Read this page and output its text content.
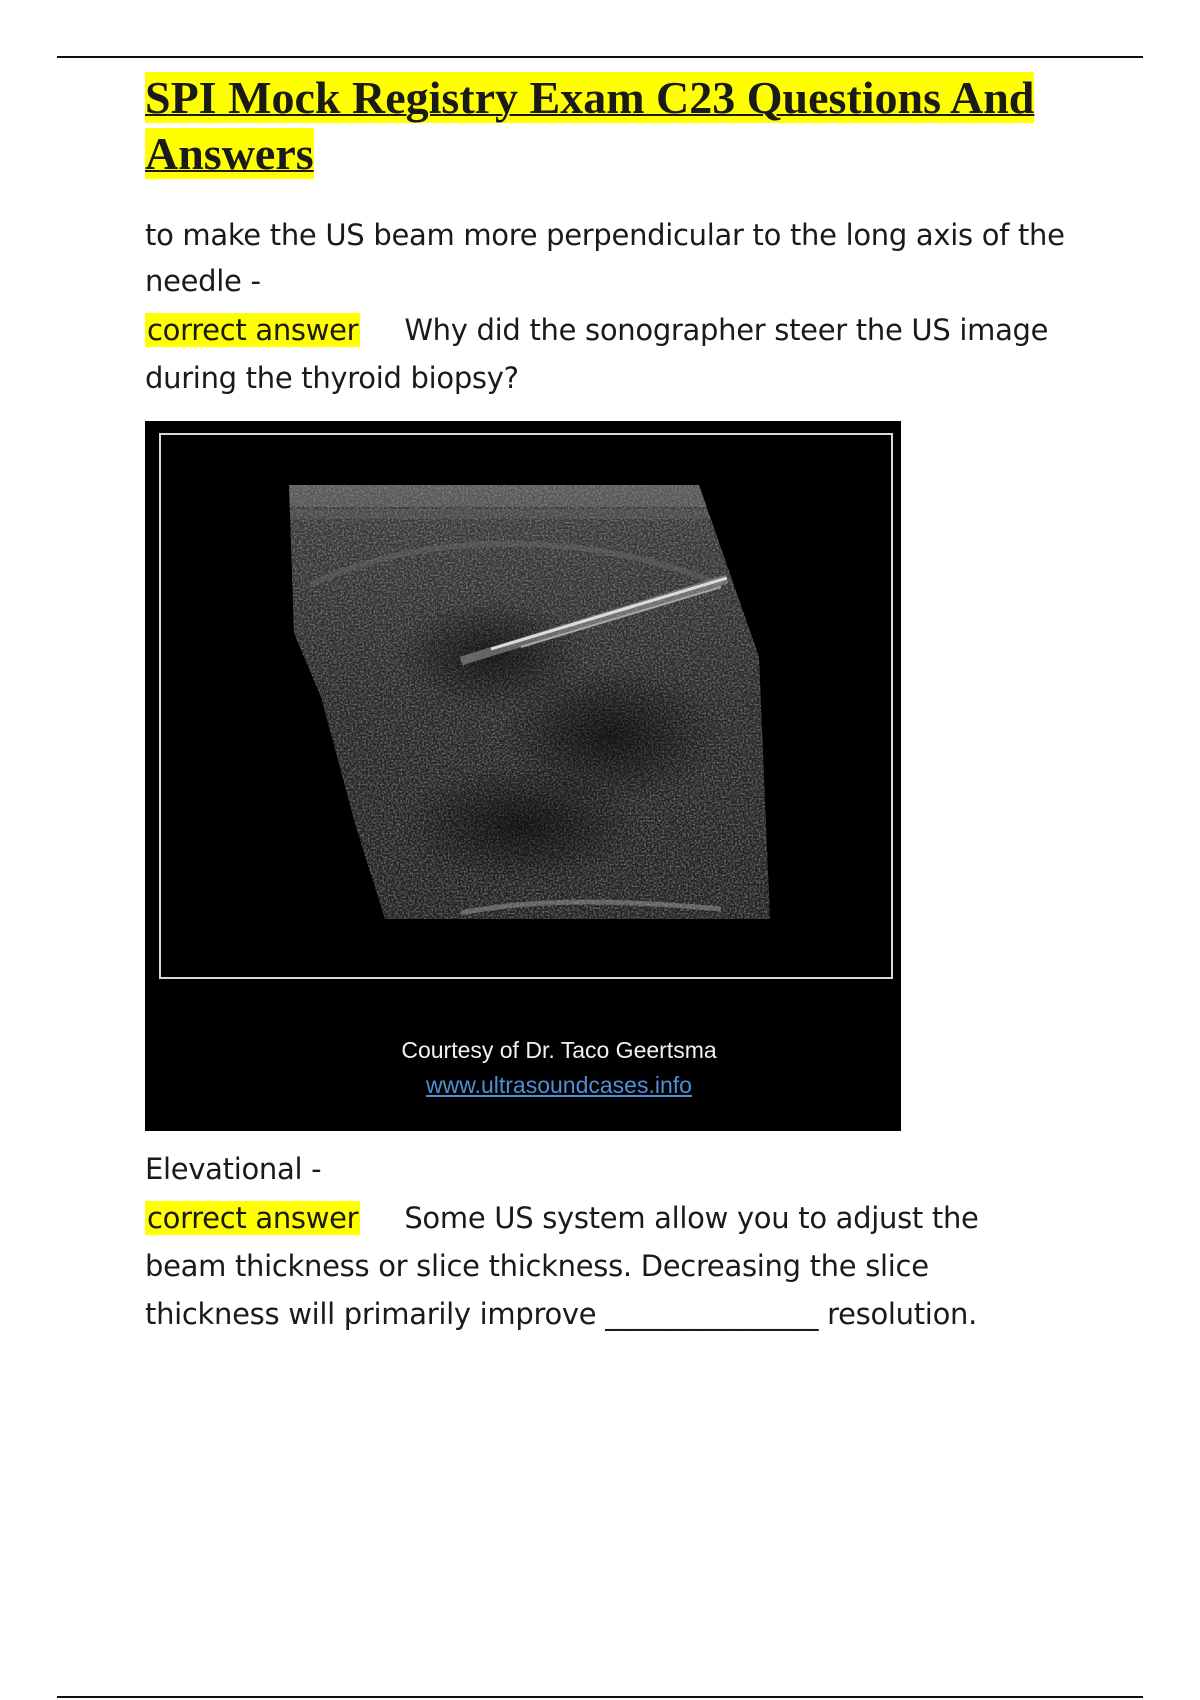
SPI Mock Registry Exam C23 Questions And Answers

to make the US beam more perpendicular to the long axis of the needle -

correct answer Why did the sonographer steer the US image during the thyroid biopsy?

Courtesy of Dr. Taco Geertsma
www.ultrasoundcases.info

Elevational -

correct answer Some US system allow you to adjust the beam thickness or slice thickness. Decreasing the slice thickness will primarily improve _______________ resolution.
